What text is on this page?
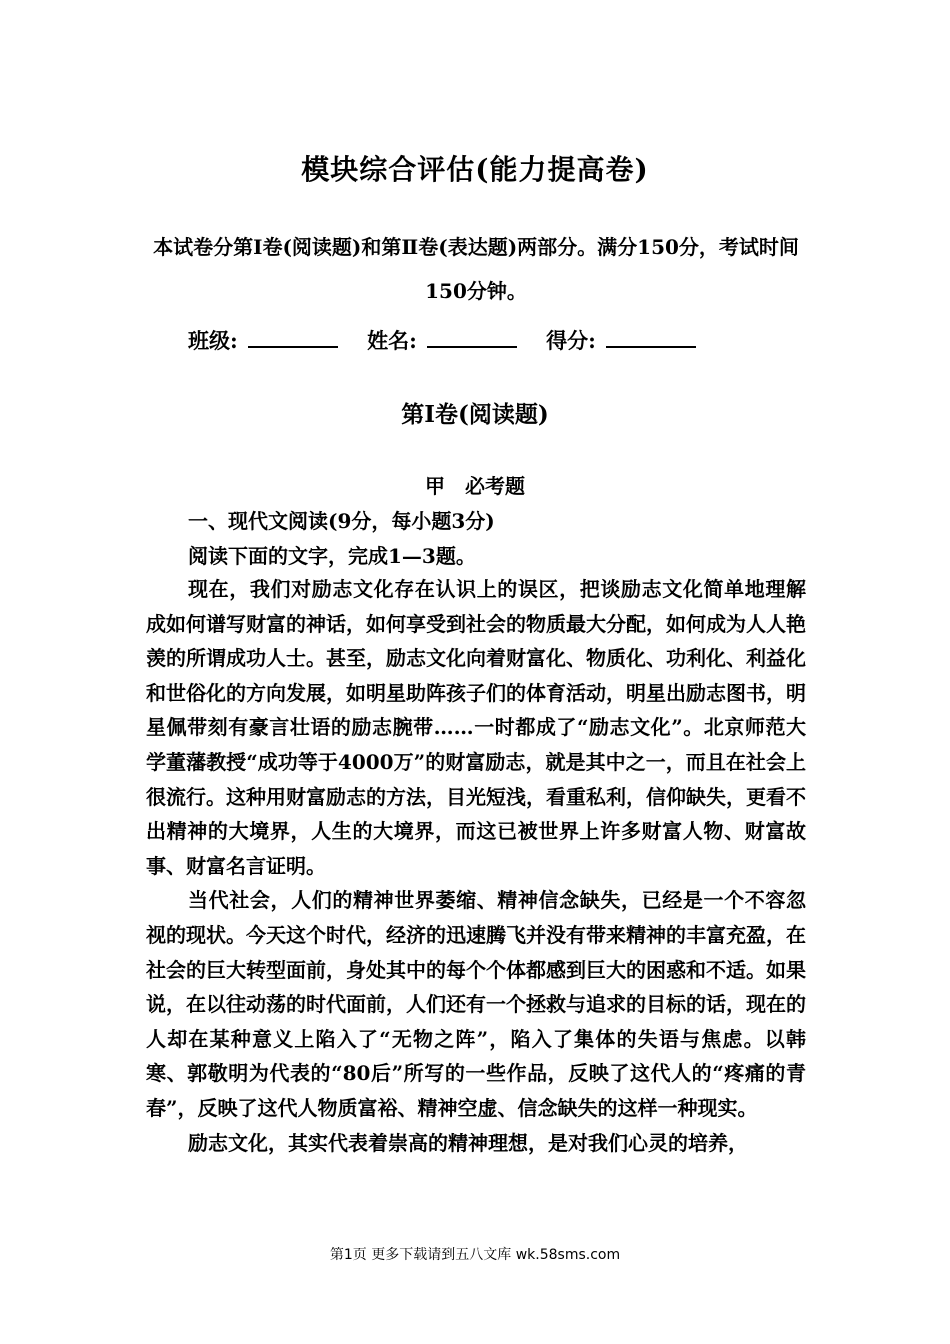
模块综合评估(能力提高卷)
本试卷分第Ⅰ卷(阅读题)和第Ⅱ卷(表达题)两部分。满分150分，考试时间150分钟。
班级:	姓名:	得分:
第Ⅰ卷(阅读题)
甲　必考题
一、现代文阅读(9分，每小题3分)
阅读下面的文字，完成1—3题。

现在，我们对励志文化存在认识上的误区，把谈励志文化简单地理解成如何谱写财富的神话，如何享受到社会的物质最大分配，如何成为人人艳羡的所谓成功人士。甚至，励志文化向着财富化、物质化、功利化、利益化和世俗化的方向发展，如明星助阵孩子们的体育活动，明星出励志图书，明星佩带刻有豪言壮语的励志腕带……一时都成了“励志文化”。北京师范大学董藩教授“成功等于4000万”的财富励志，就是其中之一，而且在社会上很流行。这种用财富励志的方法，目光短浅，看重私利，信仰缺失，更看不出精神的大境界，人生的大境界，而这已被世界上许多财富人物、财富故事、财富名言证明。

当代社会，人们的精神世界萎缩、精神信念缺失，已经是一个不容忽视的现状。今天这个时代，经济的迅速腾飞并没有带来精神的丰富充盈，在社会的巨大转型面前，身处其中的每个个体都感到巨大的困惑和不适。如果说，在以往动荡的时代面前，人们还有一个拯救与追求的目标的话，现在的人却在某种意义上陷入了“无物之阵”，陷入了集体的失语与焦虑。以韩寒、郭敬明为代表的“80后”所写的一些作品，反映了这代人的“疼痛的青春”，反映了这代人物质富裕、精神空虚、信念缺失的这样一种现实。

励志文化，其实代表着崇高的精神理想，是对我们心灵的培养，

第1页 更多下载请到五八文库 wk.58sms.com
